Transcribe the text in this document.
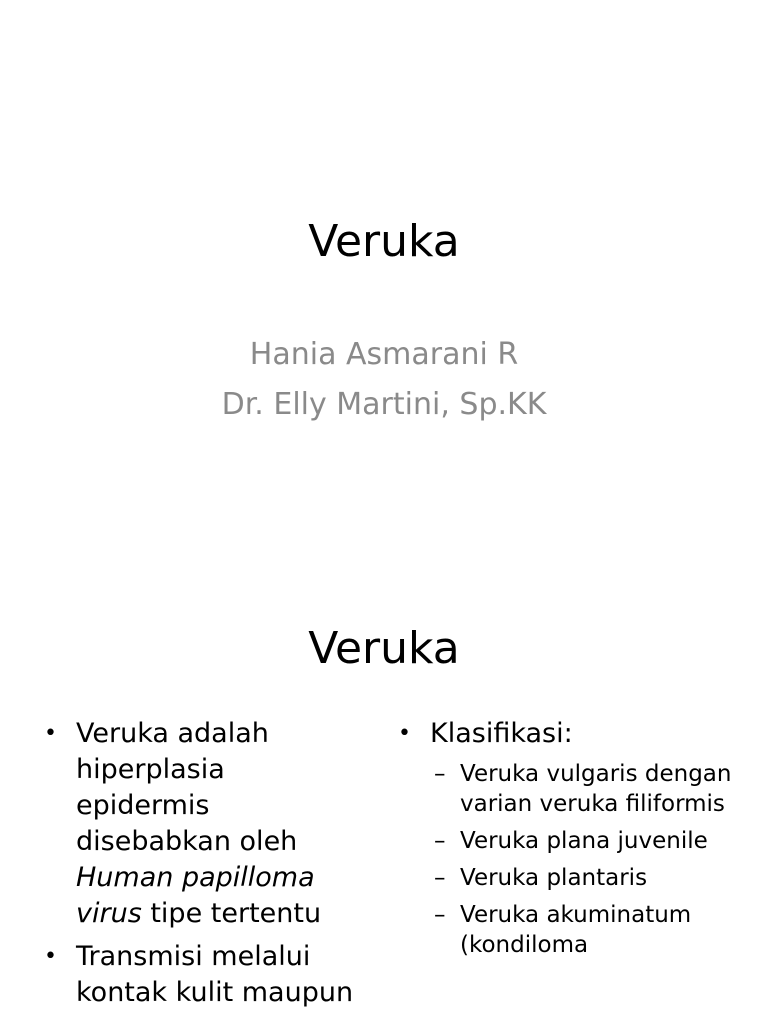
Veruka
Hania Asmarani R
Dr. Elly Martini, Sp.KK
Veruka
• Veruka adalah hiperplasia epidermis disebabkan oleh Human papilloma virus tipe tertentu
• Transmisi melalui kontak kulit maupun
• Klasifikasi:
– Veruka vulgaris dengan varian veruka filiformis
– Veruka plana juvenile
– Veruka plantaris
– Veruka akuminatum (kondiloma
